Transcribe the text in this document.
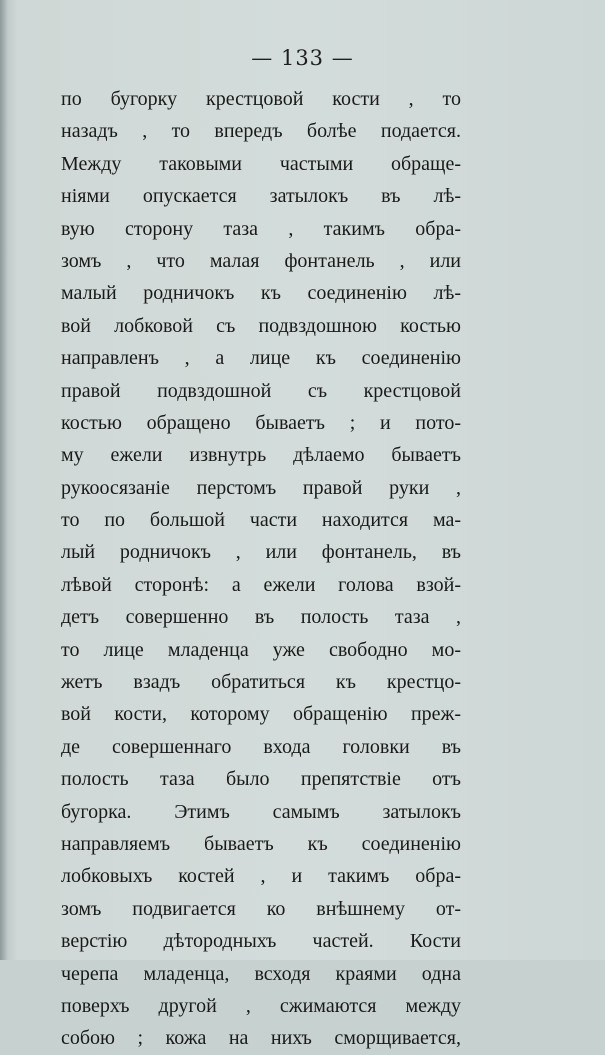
— 133 —
по бугорку крестцовой кости , то
назадъ , то впередъ болѣе подается.
Между таковыми частыми обраще-
нiями опускается затылокъ въ лѣ-
вую сторону таза , такимъ обра-
зомъ , что малая фонтанель , или
малый родничокъ къ соединенiю лѣ-
вой лобковой съ подвздошною костью
направленъ , а лице къ соединенiю
правой подвздошной съ крестцовой
костью обращено бываетъ ; и пото-
му ежели извнутрь дѣлаемо бываетъ
рукоосязанiе перстомъ правой руки ,
то по большой части находится ма-
лый родничокъ , или фонтанель, въ
лѣвой сторонѣ: а ежели голова взой-
детъ совершенно въ полость таза ,
то лице младенца уже свободно мо-
жетъ взадъ обратиться къ крестцо-
вой кости, которому обращенiю преж-
де совершеннаго входа головки въ
полость таза было препятствiе отъ
бугорка. Этимъ самымъ затылокъ
направляемъ бываетъ къ соединенiю
лобковыхъ костей , и такимъ обра-
зомъ подвигается ко внѣшнему от-
верстiю дѣтородныхъ частей. Кости
черепа младенца, всходя краями одна
поверхъ другой , сжимаются между
собою ; кожа на нихъ сморщивается,
